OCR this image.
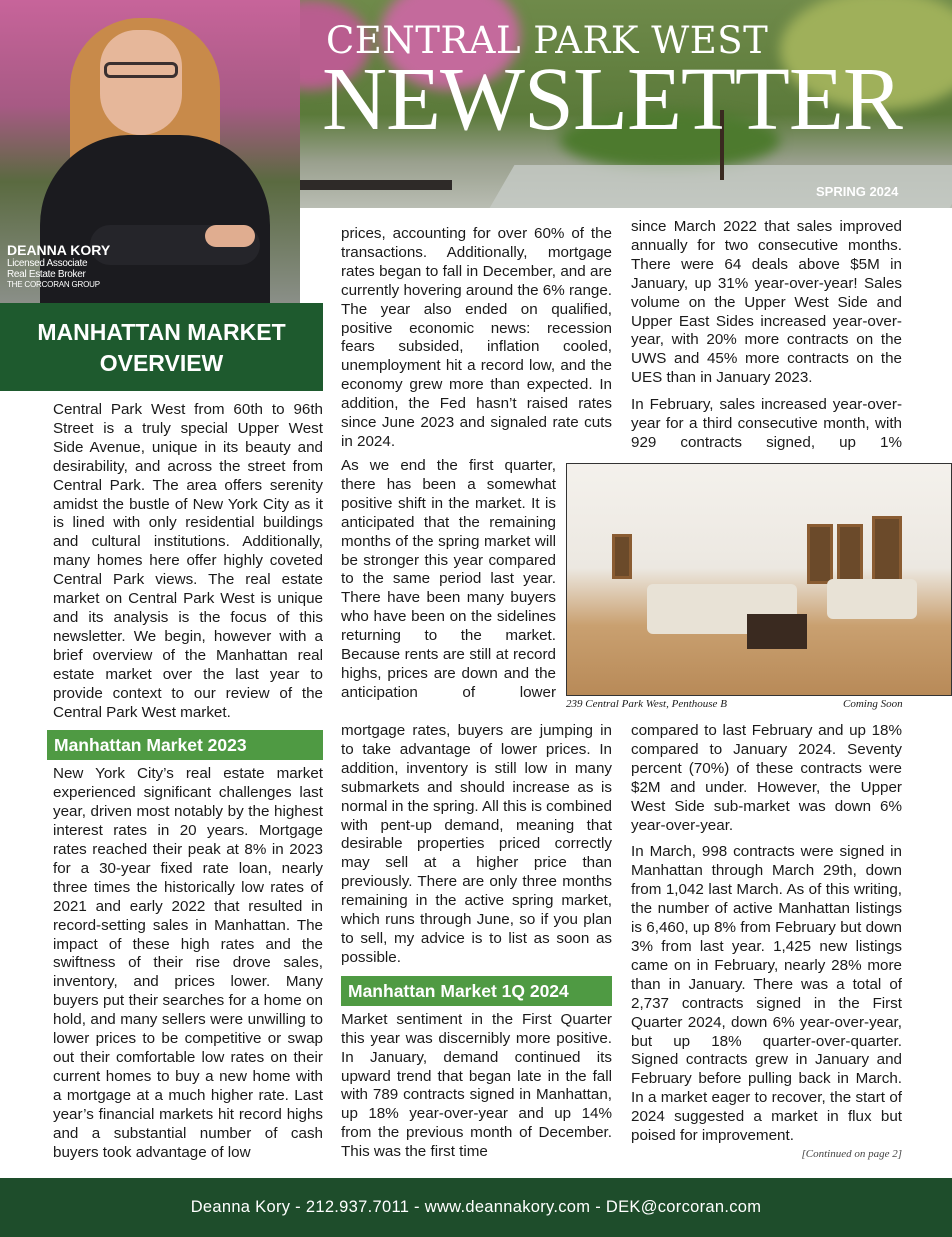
CENTRAL PARK WEST
NEWSLETTER
SPRING 2024
DEANNA KORY
Licensed Associate
Real Estate Broker
THE CORCORAN GROUP
MANHATTAN MARKET
OVERVIEW

Central Park West from 60th to 96th Street is a truly special Upper West Side Avenue, unique in its beauty and desirability, and across the street from Central Park. The area offers serenity amidst the bustle of New York City as it is lined with only residential buildings and cultural institutions. Additionally, many homes here offer highly coveted Central Park views. The real estate market on Central Park West is unique and its analysis is the focus of this newsletter. We begin, however with a brief overview of the Manhattan real estate market over the last year to provide context to our review of the Central Park West market.

Manhattan Market 2023

New York City’s real estate market experienced significant challenges last year, driven most notably by the highest interest rates in 20 years. Mortgage rates reached their peak at 8% in 2023 for a 30-year fixed rate loan, nearly three times the historically low rates of 2021 and early 2022 that resulted in record-setting sales in Manhattan. The impact of these high rates and the swiftness of their rise drove sales, inventory, and prices lower. Many buyers put their searches for a home on hold, and many sellers were unwilling to lower prices to be competitive or swap out their comfortable low rates on their current homes to buy a new home with a mortgage at a much higher rate. Last year’s financial markets hit record highs and a substantial number of cash buyers took advantage of low

prices, accounting for over 60% of the transactions. Additionally, mortgage rates began to fall in December, and are currently hovering around the 6% range. The year also ended on qualified, positive economic news: recession fears subsided, inflation cooled, unemployment hit a record low, and the economy grew more than expected. In addition, the Fed hasn’t raised rates since June 2023 and signaled rate cuts in 2024.

As we end the first quarter, there has been a somewhat positive shift in the market. It is anticipated that the remaining months of the spring market will be stronger this year compared to the same period last year. There have been many buyers who have been on the sidelines returning to the market. Because rents are still at record highs, prices are down and the anticipation of lower

mortgage rates, buyers are jumping in to take advantage of lower prices. In addition, inventory is still low in many submarkets and should increase as is normal in the spring. All this is combined with pent-up demand, meaning that desirable properties priced correctly may sell at a higher price than previously. There are only three months remaining in the active spring market, which runs through June, so if you plan to sell, my advice is to list as soon as possible.

Manhattan Market 1Q 2024

Market sentiment in the First Quarter this year was discernibly more positive. In January, demand continued its upward trend that began late in the fall with 789 contracts signed in Manhattan, up 18% year-over-year and up 14% from the previous month of December. This was the first time

since March 2022 that sales improved annually for two consecutive months. There were 64 deals above $5M in January, up 31% year-over-year! Sales volume on the Upper West Side and Upper East Sides increased year-over-year, with 20% more contracts on the UWS and 45% more contracts on the UES than in January 2023.

In February, sales increased year-over-year for a third consecutive month, with 929 contracts signed, up 1%

239 Central Park West, Penthouse B	Coming Soon

compared to last February and up 18% compared to January 2024. Seventy percent (70%) of these contracts were $2M and under. However, the Upper West Side sub-market was down 6% year-over-year.

In March, 998 contracts were signed in Manhattan through March 29th, down from 1,042 last March. As of this writing, the number of active Manhattan listings is 6,460, up 8% from February but down 3% from last year. 1,425 new listings came on in February, nearly 28% more than in January. There was a total of 2,737 contracts signed in the First Quarter 2024, down 6% year-over-year, but up 18% quarter-over-quarter. Signed contracts grew in January and February before pulling back in March. In a market eager to recover, the start of 2024 suggested a market in flux but poised for improvement.

[Continued on page 2]
Deanna Kory - 212.937.7011 - www.deannakory.com - DEK@corcoran.com
